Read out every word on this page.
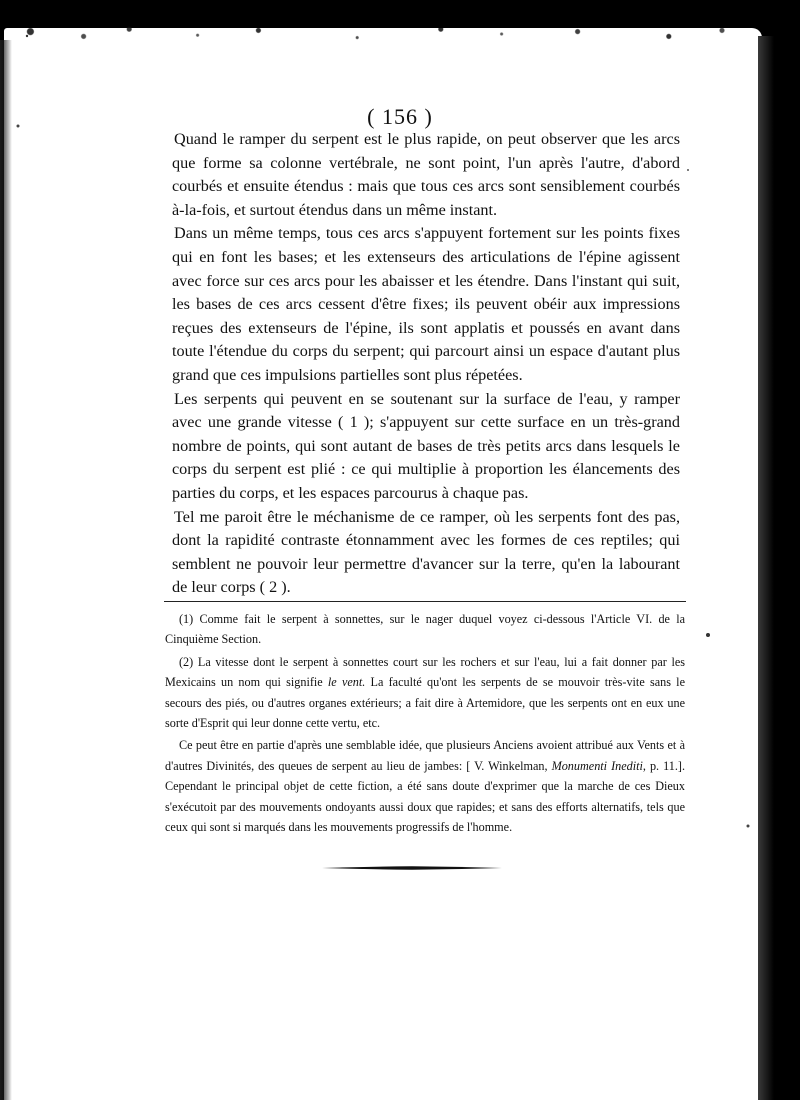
( 156 )

Quand le ramper du serpent est le plus rapide, on peut observer que les arcs que forme sa colonne vertébrale, ne sont point, l'un après l'autre, d'abord courbés et ensuite étendus : mais que tous ces arcs sont sensiblement courbés à-la-fois, et surtout étendus dans un même instant.

Dans un même temps, tous ces arcs s'appuyent fortement sur les points fixes qui en font les bases; et les extenseurs des articulations de l'épine agissent avec force sur ces arcs pour les abaisser et les étendre. Dans l'instant qui suit, les bases de ces arcs cessent d'être fixes; ils peuvent obéir aux impressions reçues des extenseurs de l'épine, ils sont applatis et poussés en avant dans toute l'étendue du corps du serpent; qui parcourt ainsi un espace d'autant plus grand que ces impulsions partielles sont plus répetées.

Les serpents qui peuvent en se soutenant sur la surface de l'eau, y ramper avec une grande vitesse ( 1 ); s'appuyent sur cette surface en un très-grand nombre de points, qui sont autant de bases de très petits arcs dans lesquels le corps du serpent est plié : ce qui multiplie à proportion les élancements des parties du corps, et les espaces parcourus à chaque pas.

Tel me paroit être le méchanisme de ce ramper, où les serpents font des pas, dont la rapidité contraste étonnamment avec les formes de ces reptiles; qui semblent ne pouvoir leur permettre d'avancer sur la terre, qu'en la labourant de leur corps ( 2 ).

(1) Comme fait le serpent à sonnettes, sur le nager duquel voyez ci-dessous l'Article VI. de la Cinquième Section.

(2) La vitesse dont le serpent à sonnettes court sur les rochers et sur l'eau, lui a fait donner par les Mexicains un nom qui signifie le vent. La faculté qu'ont les serpents de se mouvoir très-vite sans le secours des piés, ou d'autres organes extérieurs; a fait dire à Artemidore, que les serpents ont en eux une sorte d'Esprit qui leur donne cette vertu, etc.

Ce peut être en partie d'après une semblable idée, que plusieurs Anciens avoient attribué aux Vents et à d'autres Divinités, des queues de serpent au lieu de jambes: [ V. Winkelman, Monumenti Inediti, p. 11.]. Cependant le principal objet de cette fiction, a été sans doute d'exprimer que la marche de ces Dieux s'exécutoit par des mouvements ondoyants aussi doux que rapides; et sans des efforts alternatifs, tels que ceux qui sont si marqués dans les mouvements progressifs de l'homme.
